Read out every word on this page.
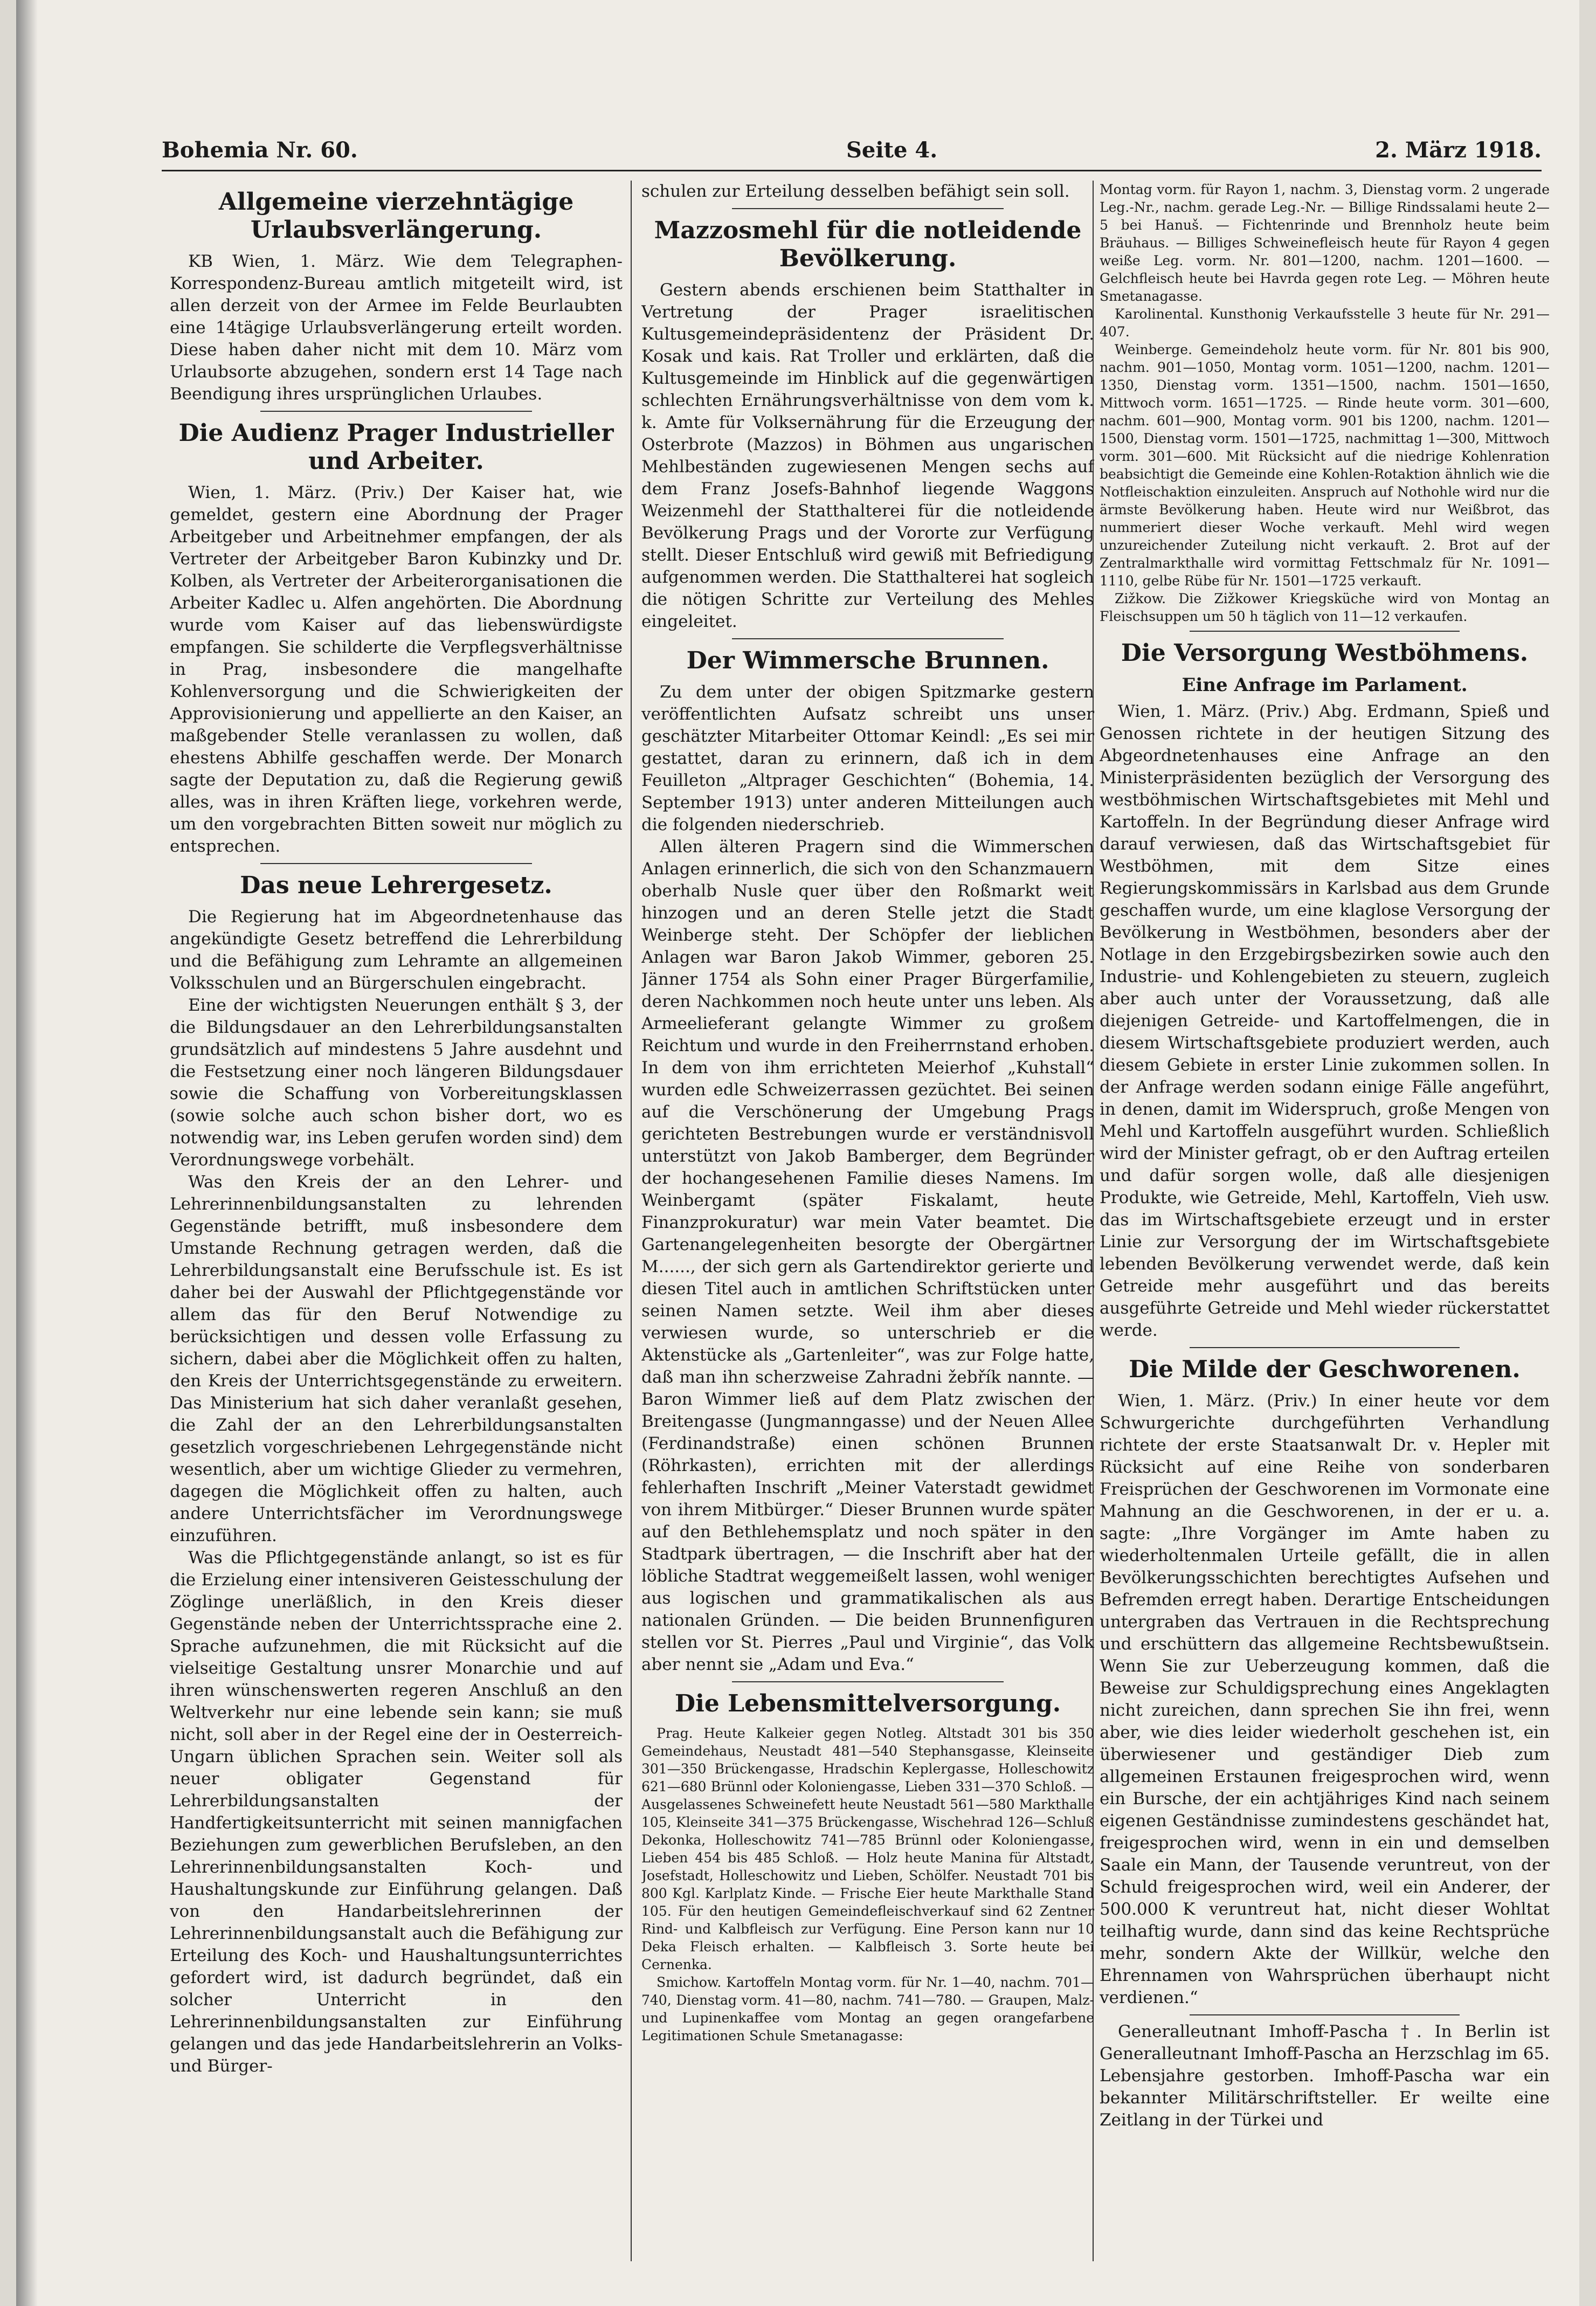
Bohemia Nr. 60.	Seite 4.	2. März 1918.
Allgemeine vierzehntägige Urlaubsverlängerung.

KB Wien, 1. März. Wie dem Telegraphen-Korrespondenz-Bureau amtlich mitgeteilt wird, ist allen derzeit von der Armee im Felde Beurlaubten eine 14tägige Urlaubsverlängerung erteilt worden. Diese haben daher nicht mit dem 10. März vom Urlaubsorte abzugehen, sondern erst 14 Tage nach Beendigung ihres ursprünglichen Urlaubes.

Die Audienz Prager Industrieller und Arbeiter.

Wien, 1. März. (Priv.) Der Kaiser hat, wie gemeldet, gestern eine Abordnung der Prager Arbeitgeber und Arbeitnehmer empfangen, der als Vertreter der Arbeitgeber Baron Kubinzky und Dr. Kolben, als Vertreter der Arbeiterorganisationen die Arbeiter Kadlec u. Alfen angehörten. Die Abordnung wurde vom Kaiser auf das liebenswürdigste empfangen. Sie schilderte die Verpflegsverhältnisse in Prag, insbesondere die mangelhafte Kohlenversorgung und die Schwierigkeiten der Approvisionierung und appellierte an den Kaiser, an maßgebender Stelle veranlassen zu wollen, daß ehestens Abhilfe geschaffen werde. Der Monarch sagte der Deputation zu, daß die Regierung gewiß alles, was in ihren Kräften liege, vorkehren werde, um den vorgebrachten Bitten soweit nur möglich zu entsprechen.

Das neue Lehrergesetz.

Die Regierung hat im Abgeordnetenhause das angekündigte Gesetz betreffend die Lehrerbildung und die Befähigung zum Lehramte an allgemeinen Volksschulen und an Bürgerschulen eingebracht.

Eine der wichtigsten Neuerungen enthält § 3, der die Bildungsdauer an den Lehrerbildungsanstalten grundsätzlich auf mindestens 5 Jahre ausdehnt und die Festsetzung einer noch längeren Bildungsdauer sowie die Schaffung von Vorbereitungsklassen (sowie solche auch schon bisher dort, wo es notwendig war, ins Leben gerufen worden sind) dem Verordnungswege vorbehält.

Was den Kreis der an den Lehrer- und Lehrerinnenbildungsanstalten zu lehrenden Gegenstände betrifft, muß insbesondere dem Umstande Rechnung getragen werden, daß die Lehrerbildungsanstalt eine Berufsschule ist. Es ist daher bei der Auswahl der Pflichtgegenstände vor allem das für den Beruf Notwendige zu berücksichtigen und dessen volle Erfassung zu sichern, dabei aber die Möglichkeit offen zu halten, den Kreis der Unterrichtsgegenstände zu erweitern. Das Ministerium hat sich daher veranlaßt gesehen, die Zahl der an den Lehrerbildungsanstalten gesetzlich vorgeschriebenen Lehrgegenstände nicht wesentlich, aber um wichtige Glieder zu vermehren, dagegen die Möglichkeit offen zu halten, auch andere Unterrichtsfächer im Verordnungswege einzuführen.

Was die Pflichtgegenstände anlangt, so ist es für die Erzielung einer intensiveren Geistesschulung der Zöglinge unerläßlich, in den Kreis dieser Gegenstände neben der Unterrichtssprache eine 2. Sprache aufzunehmen, die mit Rücksicht auf die vielseitige Gestaltung unsrer Monarchie und auf ihren wünschenswerten regeren Anschluß an den Weltverkehr nur eine lebende sein kann; sie muß nicht, soll aber in der Regel eine der in Oesterreich-Ungarn üblichen Sprachen sein. Weiter soll als neuer obligater Gegenstand für Lehrerbildungsanstalten der Handfertigkeitsunterricht mit seinen mannigfachen Beziehungen zum gewerblichen Berufsleben, an den Lehrerinnenbildungsanstalten Koch- und Haushaltungskunde zur Einführung gelangen. Daß von den Handarbeitslehrerinnen der Lehrerinnenbildungsanstalt auch die Befähigung zur Erteilung des Koch- und Haushaltungsunterrichtes gefordert wird, ist dadurch begründet, daß ein solcher Unterricht in den Lehrerinnenbildungsanstalten zur Einführung gelangen und das jede Handarbeitslehrerin an Volks- und Bürger-

schulen zur Erteilung desselben befähigt sein soll.

Mazzosmehl für die notleidende Bevölkerung.

Gestern abends erschienen beim Statthalter in Vertretung der Prager israelitischen Kultusgemeindepräsidentenz der Präsident Dr. Kosak und kais. Rat Troller und erklärten, daß die Kultusgemeinde im Hinblick auf die gegenwärtigen schlechten Ernährungsverhältnisse von dem vom k. k. Amte für Volksernährung für die Erzeugung der Osterbrote (Mazzos) in Böhmen aus ungarischen Mehlbeständen zugewiesenen Mengen sechs auf dem Franz Josefs-Bahnhof liegende Waggons Weizenmehl der Statthalterei für die notleidende Bevölkerung Prags und der Vororte zur Verfügung stellt. Dieser Entschluß wird gewiß mit Befriedigung aufgenommen werden. Die Statthalterei hat sogleich die nötigen Schritte zur Verteilung des Mehles eingeleitet.

Der Wimmersche Brunnen.

Zu dem unter der obigen Spitzmarke gestern veröffentlichten Aufsatz schreibt uns unser geschätzter Mitarbeiter Ottomar Keindl: „Es sei mir gestattet, daran zu erinnern, daß ich in dem Feuilleton „Altprager Geschichten“ (Bohemia, 14. September 1913) unter anderen Mitteilungen auch die folgenden niederschrieb.

Allen älteren Pragern sind die Wimmerschen Anlagen erinnerlich, die sich von den Schanzmauern oberhalb Nusle quer über den Roßmarkt weit hinzogen und an deren Stelle jetzt die Stadt Weinberge steht. Der Schöpfer der lieblichen Anlagen war Baron Jakob Wimmer, geboren 25. Jänner 1754 als Sohn einer Prager Bürgerfamilie, deren Nachkommen noch heute unter uns leben. Als Armeelieferant gelangte Wimmer zu großem Reichtum und wurde in den Freiherrnstand erhoben. In dem von ihm errichteten Meierhof „Kuhstall“ wurden edle Schweizerrassen gezüchtet. Bei seinen auf die Verschönerung der Umgebung Prags gerichteten Bestrebungen wurde er verständnisvoll unterstützt von Jakob Bamberger, dem Begründer der hochangesehenen Familie dieses Namens. Im Weinbergamt (später Fiskalamt, heute Finanzprokuratur) war mein Vater beamtet. Die Gartenangelegenheiten besorgte der Obergärtner M......, der sich gern als Gartendirektor gerierte und diesen Titel auch in amtlichen Schriftstücken unter seinen Namen setzte. Weil ihm aber dieses verwiesen wurde, so unterschrieb er die Aktenstücke als „Gartenleiter“, was zur Folge hatte, daß man ihn scherzweise Zahradni žebřík nannte. — Baron Wimmer ließ auf dem Platz zwischen der Breitengasse (Jungmanngasse) und der Neuen Allee (Ferdinandstraße) einen schönen Brunnen (Röhrkasten), errichten mit der allerdings fehlerhaften Inschrift „Meiner Vaterstadt gewidmet von ihrem Mitbürger.“ Dieser Brunnen wurde später auf den Bethlehemsplatz und noch später in den Stadtpark übertragen, — die Inschrift aber hat der löbliche Stadtrat weggemeißelt lassen, wohl weniger aus logischen und grammatikalischen als aus nationalen Gründen. — Die beiden Brunnenfiguren stellen vor St. Pierres „Paul und Virginie“, das Volk aber nennt sie „Adam und Eva.“

Die Lebensmittelversorgung.

Prag. Heute Kalkeier gegen Notleg. Altstadt 301 bis 350 Gemeindehaus, Neustadt 481—540 Stephansgasse, Kleinseite 301—350 Brückengasse, Hradschin Keplergasse, Holleschowitz 621—680 Brünnl oder Koloniengasse, Lieben 331—370 Schloß. — Ausgelassenes Schweinefett heute Neustadt 561—580 Markthalle 105, Kleinseite 341—375 Brückengasse, Wischehrad 126—Schluß Dekonka, Holleschowitz 741—785 Brünnl oder Koloniengasse, Lieben 454 bis 485 Schloß. — Holz heute Manina für Altstadt, Josefstadt, Holleschowitz und Lieben, Schölfer. Neustadt 701 bis 800 Kgl. Karlplatz Kinde. — Frische Eier heute Markthalle Stand 105. Für den heutigen Gemeindefleischverkauf sind 62 Zentner Rind- und Kalbfleisch zur Verfügung. Eine Person kann nur 10 Deka Fleisch erhalten. — Kalbfleisch 3. Sorte heute bei Cernenka.

Smichow. Kartoffeln Montag vorm. für Nr. 1—40, nachm. 701—740, Dienstag vorm. 41—80, nachm. 741—780. — Graupen, Malz- und Lupinenkaffee vom Montag an gegen orangefarbene Legitimationen Schule Smetanagasse:

Montag vorm. für Rayon 1, nachm. 3, Dienstag vorm. 2 ungerade Leg.-Nr., nachm. gerade Leg.-Nr. — Billige Rindssalami heute 2—5 bei Hanuš. — Fichtenrinde und Brennholz heute beim Bräuhaus. — Billiges Schweinefleisch heute für Rayon 4 gegen weiße Leg. vorm. Nr. 801—1200, nachm. 1201—1600. — Gelchfleisch heute bei Havrda gegen rote Leg. — Möhren heute Smetanagasse.

Karolinental. Kunsthonig Verkaufsstelle 3 heute für Nr. 291—407.

Weinberge. Gemeindeholz heute vorm. für Nr. 801 bis 900, nachm. 901—1050, Montag vorm. 1051—1200, nachm. 1201—1350, Dienstag vorm. 1351—1500, nachm. 1501—1650, Mittwoch vorm. 1651—1725. — Rinde heute vorm. 301—600, nachm. 601—900, Montag vorm. 901 bis 1200, nachm. 1201—1500, Dienstag vorm. 1501—1725, nachmittag 1—300, Mittwoch vorm. 301—600. Mit Rücksicht auf die niedrige Kohlenration beabsichtigt die Gemeinde eine Kohlen-Rotaktion ähnlich wie die Notfleischaktion einzuleiten. Anspruch auf Nothohle wird nur die ärmste Bevölkerung haben. Heute wird nur Weißbrot, das nummeriert dieser Woche verkauft. Mehl wird wegen unzureichender Zuteilung nicht verkauft. 2. Brot auf der Zentralmarkthalle wird vormittag Fettschmalz für Nr. 1091—1110, gelbe Rübe für Nr. 1501—1725 verkauft.

Zižkow. Die Zižkower Kriegsküche wird von Montag an Fleischsuppen um 50 h täglich von 11—12 verkaufen.

Die Versorgung Westböhmens.
Eine Anfrage im Parlament.

Wien, 1. März. (Priv.) Abg. Erdmann, Spieß und Genossen richtete in der heutigen Sitzung des Abgeordnetenhauses eine Anfrage an den Ministerpräsidenten bezüglich der Versorgung des westböhmischen Wirtschaftsgebietes mit Mehl und Kartoffeln. In der Begründung dieser Anfrage wird darauf verwiesen, daß das Wirtschaftsgebiet für Westböhmen, mit dem Sitze eines Regierungskommissärs in Karlsbad aus dem Grunde geschaffen wurde, um eine klaglose Versorgung der Bevölkerung in Westböhmen, besonders aber der Notlage in den Erzgebirgsbezirken sowie auch den Industrie- und Kohlengebieten zu steuern, zugleich aber auch unter der Voraussetzung, daß alle diejenigen Getreide- und Kartoffelmengen, die in diesem Wirtschaftsgebiete produziert werden, auch diesem Gebiete in erster Linie zukommen sollen. In der Anfrage werden sodann einige Fälle angeführt, in denen, damit im Widerspruch, große Mengen von Mehl und Kartoffeln ausgeführt wurden. Schließlich wird der Minister gefragt, ob er den Auftrag erteilen und dafür sorgen wolle, daß alle diesjenigen Produkte, wie Getreide, Mehl, Kartoffeln, Vieh usw. das im Wirtschaftsgebiete erzeugt und in erster Linie zur Versorgung der im Wirtschaftsgebiete lebenden Bevölkerung verwendet werde, daß kein Getreide mehr ausgeführt und das bereits ausgeführte Getreide und Mehl wieder rückerstattet werde.

Die Milde der Geschworenen.

Wien, 1. März. (Priv.) In einer heute vor dem Schwurgerichte durchgeführten Verhandlung richtete der erste Staatsanwalt Dr. v. Hepler mit Rücksicht auf eine Reihe von sonderbaren Freisprüchen der Geschworenen im Vormonate eine Mahnung an die Geschworenen, in der er u. a. sagte: „Ihre Vorgänger im Amte haben zu wiederholtenmalen Urteile gefällt, die in allen Bevölkerungsschichten berechtigtes Aufsehen und Befremden erregt haben. Derartige Entscheidungen untergraben das Vertrauen in die Rechtsprechung und erschüttern das allgemeine Rechtsbewußtsein. Wenn Sie zur Ueberzeugung kommen, daß die Beweise zur Schuldigsprechung eines Angeklagten nicht zureichen, dann sprechen Sie ihn frei, wenn aber, wie dies leider wiederholt geschehen ist, ein überwiesener und geständiger Dieb zum allgemeinen Erstaunen freigesprochen wird, wenn ein Bursche, der ein achtjähriges Kind nach seinem eigenen Geständnisse zumindestens geschändet hat, freigesprochen wird, wenn in ein und demselben Saale ein Mann, der Tausende veruntreut, von der Schuld freigesprochen wird, weil ein Anderer, der 500.000 K veruntreut hat, nicht dieser Wohltat teilhaftig wurde, dann sind das keine Rechtsprüche mehr, sondern Akte der Willkür, welche den Ehrennamen von Wahrsprüchen überhaupt nicht verdienen.“

Generalleutnant Imhoff-Pascha †. In Berlin ist Generalleutnant Imhoff-Pascha an Herzschlag im 65. Lebensjahre gestorben. Imhoff-Pascha war ein bekannter Militärschriftsteller. Er weilte eine Zeitlang in der Türkei und
